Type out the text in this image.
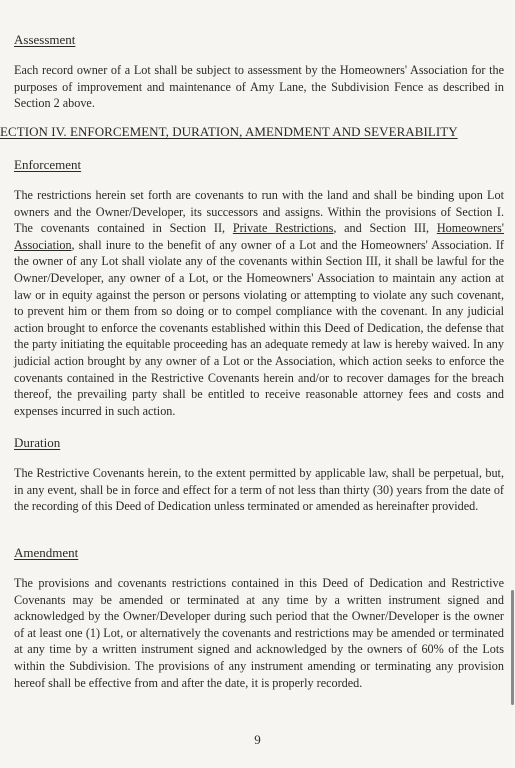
Assessment

Each record owner of a Lot shall be subject to assessment by the Homeowners' Association for the purposes of improvement and maintenance of Amy Lane, the Subdivision Fence as described in Section 2 above.

ECTION IV. ENFORCEMENT, DURATION, AMENDMENT AND SEVERABILITY

Enforcement

The restrictions herein set forth are covenants to run with the land and shall be binding upon Lot owners and the Owner/Developer, its successors and assigns. Within the provisions of Section I. The covenants contained in Section II, Private Restrictions, and Section III, Homeowners' Association, shall inure to the benefit of any owner of a Lot and the Homeowners' Association. If the owner of any Lot shall violate any of the covenants within Section III, it shall be lawful for the Owner/Developer, any owner of a Lot, or the Homeowners' Association to maintain any action at law or in equity against the person or persons violating or attempting to violate any such covenant, to prevent him or them from so doing or to compel compliance with the covenant. In any judicial action brought to enforce the covenants established within this Deed of Dedication, the defense that the party initiating the equitable proceeding has an adequate remedy at law is hereby waived. In any judicial action brought by any owner of a Lot or the Association, which action seeks to enforce the covenants contained in the Restrictive Covenants herein and/or to recover damages for the breach thereof, the prevailing party shall be entitled to receive reasonable attorney fees and costs and expenses incurred in such action.

Duration

The Restrictive Covenants herein, to the extent permitted by applicable law, shall be perpetual, but, in any event, shall be in force and effect for a term of not less than thirty (30) years from the date of the recording of this Deed of Dedication unless terminated or amended as hereinafter provided.

Amendment

The provisions and covenants restrictions contained in this Deed of Dedication and Restrictive Covenants may be amended or terminated at any time by a written instrument signed and acknowledged by the Owner/Developer during such period that the Owner/Developer is the owner of at least one (1) Lot, or alternatively the covenants and restrictions may be amended or terminated at any time by a written instrument signed and acknowledged by the owners of 60% of the Lots within the Subdivision. The provisions of any instrument amending or terminating any provision hereof shall be effective from and after the date, it is properly recorded.

9
